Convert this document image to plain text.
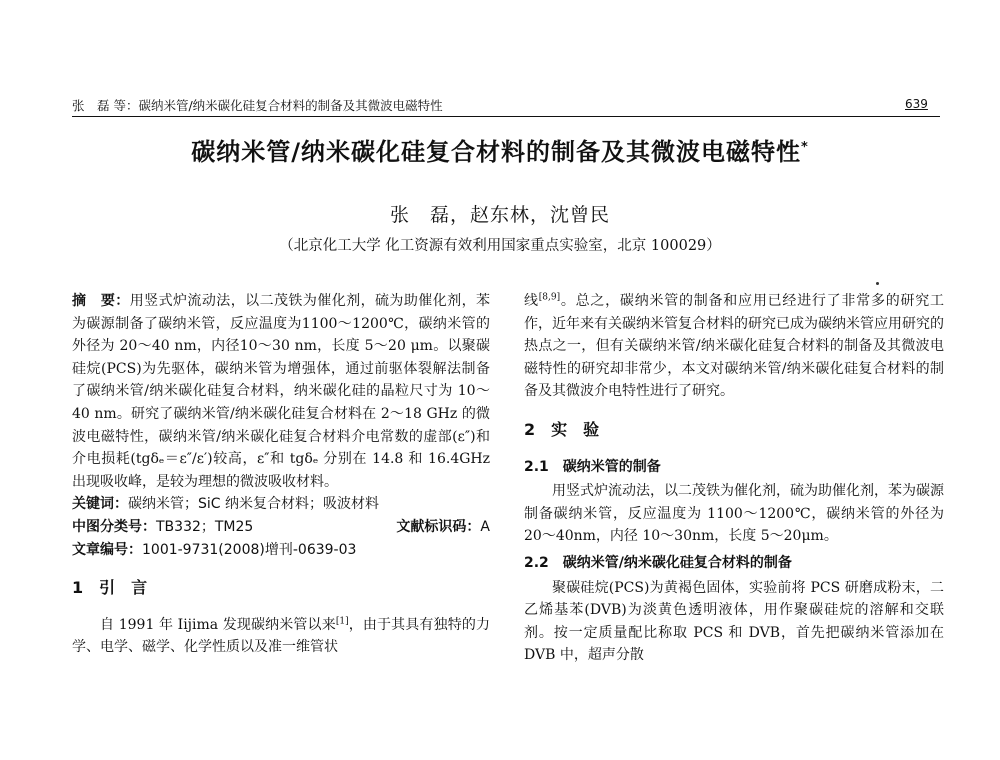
张　磊 等：碳纳米管/纳米碳化硅复合材料的制备及其微波电磁特性	639
碳纳米管/纳米碳化硅复合材料的制备及其微波电磁特性*
张　磊，赵东林，沈曾民
（北京化工大学 化工资源有效利用国家重点实验室，北京 100029）

摘　要：用竖式炉流动法，以二茂铁为催化剂，硫为助催化剂，苯为碳源制备了碳纳米管，反应温度为1100～1200℃，碳纳米管的外径为 20～40 nm，内径10～30 nm，长度 5～20 μm。以聚碳硅烷(PCS)为先驱体，碳纳米管为增强体，通过前驱体裂解法制备了碳纳米管/纳米碳化硅复合材料，纳米碳化硅的晶粒尺寸为 10～40 nm。研究了碳纳米管/纳米碳化硅复合材料在 2～18 GHz 的微波电磁特性，碳纳米管/纳米碳化硅复合材料介电常数的虚部(ε″)和介电损耗(tgδₑ＝ε″/ε′)较高，ε″和 tgδₑ 分别在 14.8 和 16.4GHz 出现吸收峰，是较为理想的微波吸收材料。

关键词：碳纳米管；SiC 纳米复合材料；吸波材料

中图分类号：TB332；TM25	文献标识码：A

文章编号：1001-9731(2008)增刊-0639-03

1　引　言

自 1991 年 Iijima 发现碳纳米管以来[1]，由于其具有独特的力学、电学、磁学、化学性质以及准一维管状

线[8,9]。总之，碳纳米管的制备和应用已经进行了非常多的研究工作，近年来有关碳纳米管复合材料的研究已成为碳纳米管应用研究的热点之一，但有关碳纳米管/纳米碳化硅复合材料的制备及其微波电磁特性的研究却非常少，本文对碳纳米管/纳米碳化硅复合材料的制备及其微波介电特性进行了研究。

2　实　验
2.1　碳纳米管的制备

用竖式炉流动法，以二茂铁为催化剂，硫为助催化剂，苯为碳源制备碳纳米管，反应温度为 1100～1200℃，碳纳米管的外径为 20～40nm，内径 10～30nm，长度 5～20μm。

2.2　碳纳米管/纳米碳化硅复合材料的制备

聚碳硅烷(PCS)为黄褐色固体，实验前将 PCS 研磨成粉末，二乙烯基苯(DVB)为淡黄色透明液体，用作聚碳硅烷的溶解和交联剂。按一定质量配比称取 PCS 和 DVB，首先把碳纳米管添加在 DVB 中，超声分散
